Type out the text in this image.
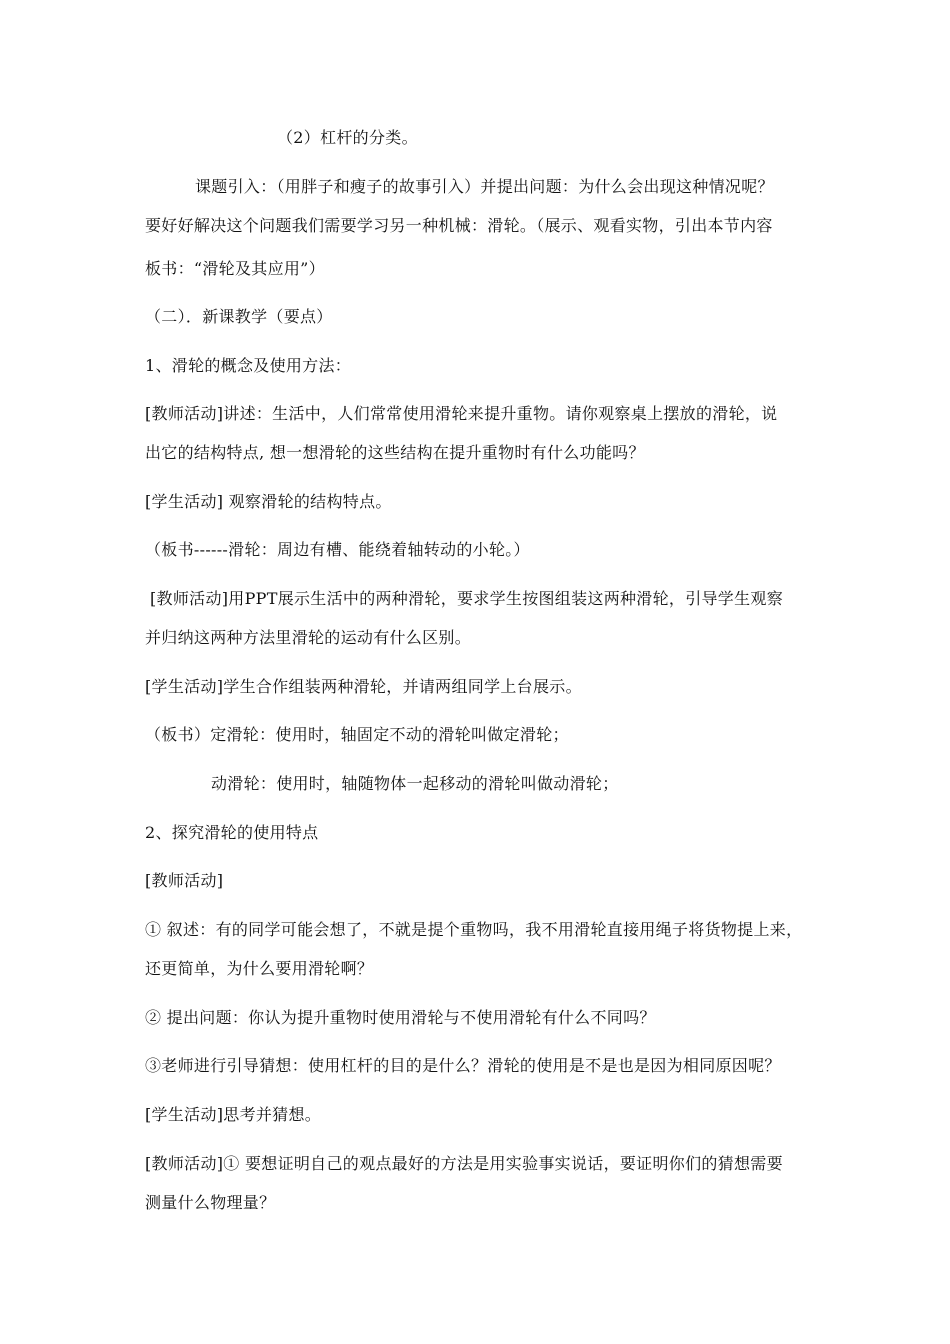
（2）杠杆的分类。
课题引入：（用胖子和瘦子的故事引入）并提出问题：为什么会出现这种情况呢？
要好好解决这个问题我们需要学习另一种机械：滑轮。（展示、观看实物，引出本节内容
板书：“滑轮及其应用”）
（二）．新课教学（要点）
1、滑轮的概念及使用方法：
[教师活动]讲述：生活中，人们常常使用滑轮来提升重物。请你观察桌上摆放的滑轮，说
出它的结构特点, 想一想滑轮的这些结构在提升重物时有什么功能吗？
[学生活动] 观察滑轮的结构特点。
（板书------滑轮：周边有槽、能绕着轴转动的小轮。）
[教师活动]用PPT展示生活中的两种滑轮，要求学生按图组装这两种滑轮，引导学生观察
并归纳这两种方法里滑轮的运动有什么区别。
[学生活动]学生合作组装两种滑轮，并请两组同学上台展示。
（板书）定滑轮：使用时，轴固定不动的滑轮叫做定滑轮；
动滑轮：使用时，轴随物体一起移动的滑轮叫做动滑轮；
2、探究滑轮的使用特点
[教师活动]
① 叙述：有的同学可能会想了，不就是提个重物吗，我不用滑轮直接用绳子将货物提上来，
还更简单，为什么要用滑轮啊？
② 提出问题：你认为提升重物时使用滑轮与不使用滑轮有什么不同吗？
③老师进行引导猜想：使用杠杆的目的是什么？滑轮的使用是不是也是因为相同原因呢？
[学生活动]思考并猜想。
[教师活动]① 要想证明自己的观点最好的方法是用实验事实说话，要证明你们的猜想需要
测量什么物理量？
